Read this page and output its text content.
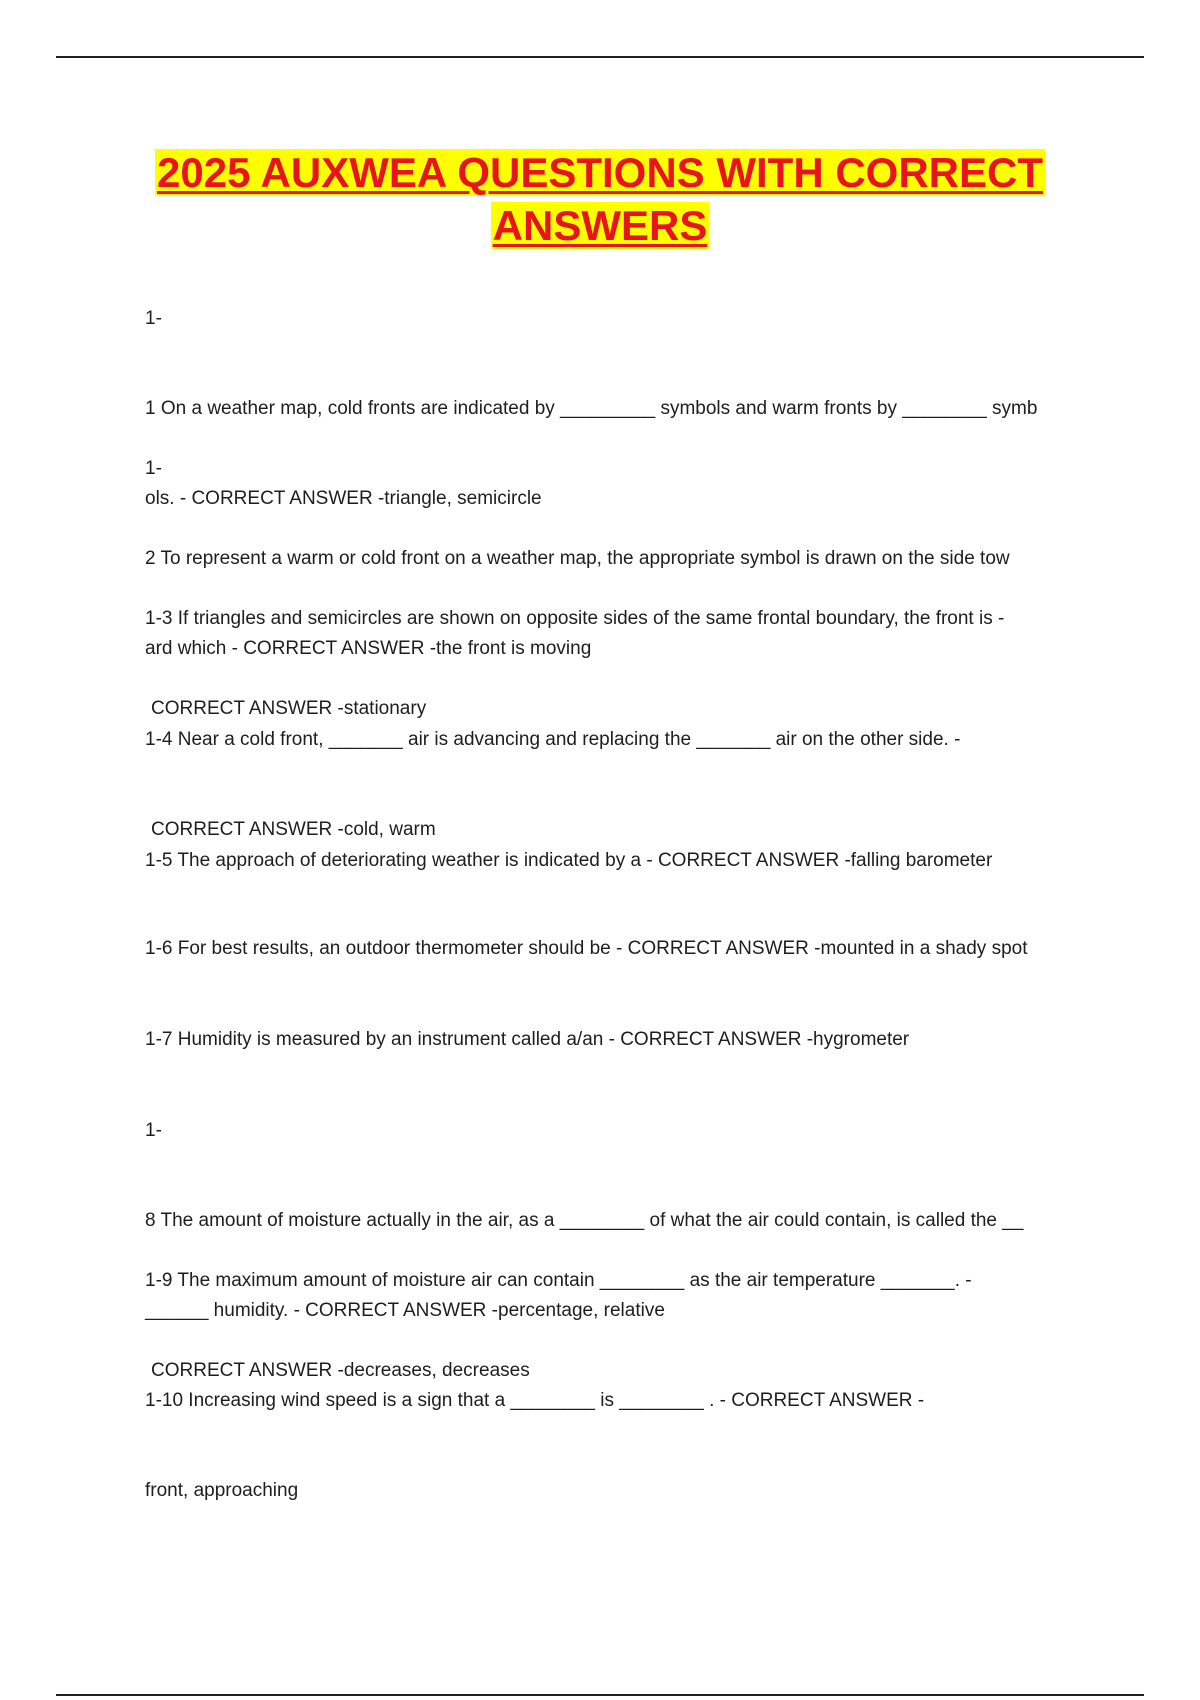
2025 AUXWEA QUESTIONS WITH CORRECT
ANSWERS

1-

1 On a weather map, cold fronts are indicated by _________ symbols and warm fronts by ________ symb

ols. - CORRECT ANSWER -triangle, semicircle

1-

2 To represent a warm or cold front on a weather map, the appropriate symbol is drawn on the side tow

ard which - CORRECT ANSWER -the front is moving

1-3 If triangles and semicircles are shown on opposite sides of the same frontal boundary, the front is -

CORRECT ANSWER -stationary

1-4 Near a cold front, _______ air is advancing and replacing the _______ air on the other side. -

CORRECT ANSWER -cold, warm

1-5 The approach of deteriorating weather is indicated by a - CORRECT ANSWER -falling barometer

1-6 For best results, an outdoor thermometer should be - CORRECT ANSWER -mounted in a shady spot

1-7 Humidity is measured by an instrument called a/an - CORRECT ANSWER -hygrometer

1-

8 The amount of moisture actually in the air, as a ________ of what the air could contain, is called the __

______ humidity. - CORRECT ANSWER -percentage, relative

1-9 The maximum amount of moisture air can contain ________ as the air temperature _______. -

CORRECT ANSWER -decreases, decreases

1-10 Increasing wind speed is a sign that a ________ is ________ . - CORRECT ANSWER -

front, approaching
